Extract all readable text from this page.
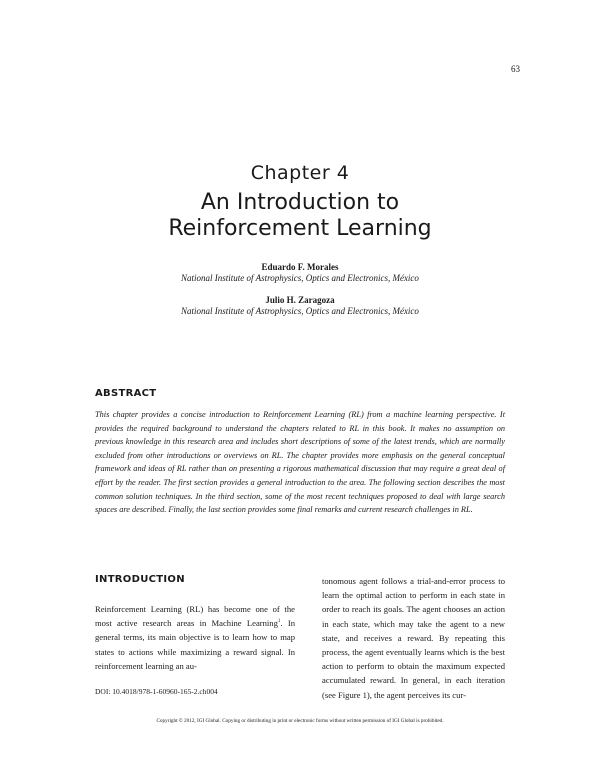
63
Chapter 4
An Introduction to
Reinforcement Learning
Eduardo F. Morales
National Institute of Astrophysics, Optics and Electronics, México
Julio H. Zaragoza
National Institute of Astrophysics, Optics and Electronics, México
ABSTRACT
This chapter provides a concise introduction to Reinforcement Learning (RL) from a machine learning perspective. It provides the required background to understand the chapters related to RL in this book. It makes no assumption on previous knowledge in this research area and includes short descriptions of some of the latest trends, which are normally excluded from other introductions or overviews on RL. The chapter provides more emphasis on the general conceptual framework and ideas of RL rather than on presenting a rigorous mathematical discussion that may require a great deal of effort by the reader. The first section provides a general introduction to the area. The following section describes the most common solution techniques. In the third section, some of the most recent techniques proposed to deal with large search spaces are described. Finally, the last section provides some final remarks and current research challenges in RL.
INTRODUCTION
Reinforcement Learning (RL) has become one of the most active research areas in Machine Learning$^1$. In general terms, its main objective is to learn how to map states to actions while maximizing a reward signal. In reinforcement learning an au-
tonomous agent follows a trial-and-error process to learn the optimal action to perform in each state in order to reach its goals. The agent chooses an action in each state, which may take the agent to a new state, and receives a reward. By repeating this process, the agent eventually learns which is the best action to perform to obtain the maximum expected accumulated reward. In general, in each iteration (see Figure 1), the agent perceives its cur-
DOI: 10.4018/978-1-60960-165-2.ch004
Copyright © 2012, IGI Global. Copying or distributing in print or electronic forms without written permission of IGI Global is prohibited.
